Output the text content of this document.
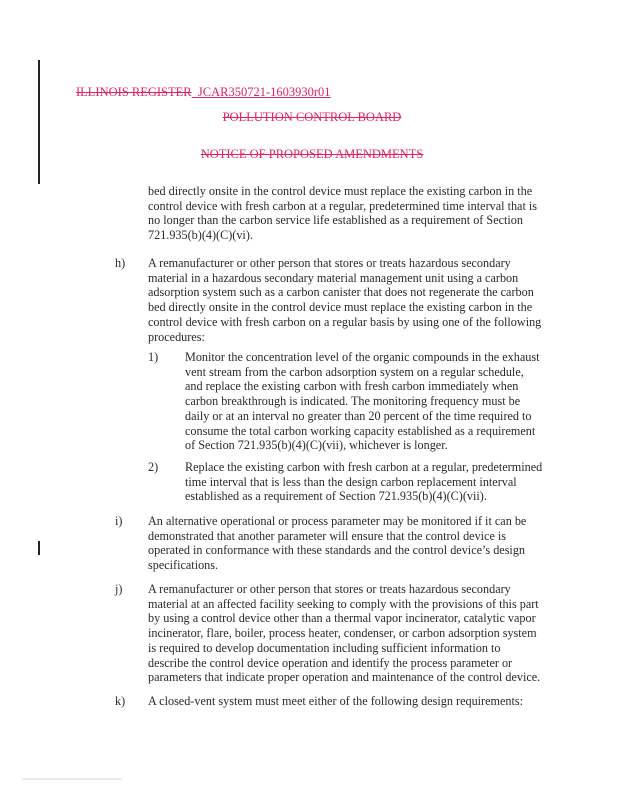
ILLINOIS REGISTER JCAR350721-1603930r01
POLLUTION CONTROL BOARD
NOTICE OF PROPOSED AMENDMENTS
bed directly onsite in the control device must replace the existing carbon in the control device with fresh carbon at a regular, predetermined time interval that is no longer than the carbon service life established as a requirement of Section 721.935(b)(4)(C)(vi).
h) A remanufacturer or other person that stores or treats hazardous secondary material in a hazardous secondary material management unit using a carbon adsorption system such as a carbon canister that does not regenerate the carbon bed directly onsite in the control device must replace the existing carbon in the control device with fresh carbon on a regular basis by using one of the following procedures:
1) Monitor the concentration level of the organic compounds in the exhaust vent stream from the carbon adsorption system on a regular schedule, and replace the existing carbon with fresh carbon immediately when carbon breakthrough is indicated. The monitoring frequency must be daily or at an interval no greater than 20 percent of the time required to consume the total carbon working capacity established as a requirement of Section 721.935(b)(4)(C)(vii), whichever is longer.
2) Replace the existing carbon with fresh carbon at a regular, predetermined time interval that is less than the design carbon replacement interval established as a requirement of Section 721.935(b)(4)(C)(vii).
i) An alternative operational or process parameter may be monitored if it can be demonstrated that another parameter will ensure that the control device is operated in conformance with these standards and the control device’s design specifications.
j) A remanufacturer or other person that stores or treats hazardous secondary material at an affected facility seeking to comply with the provisions of this part by using a control device other than a thermal vapor incinerator, catalytic vapor incinerator, flare, boiler, process heater, condenser, or carbon adsorption system is required to develop documentation including sufficient information to describe the control device operation and identify the process parameter or parameters that indicate proper operation and maintenance of the control device.
k) A closed-vent system must meet either of the following design requirements:
